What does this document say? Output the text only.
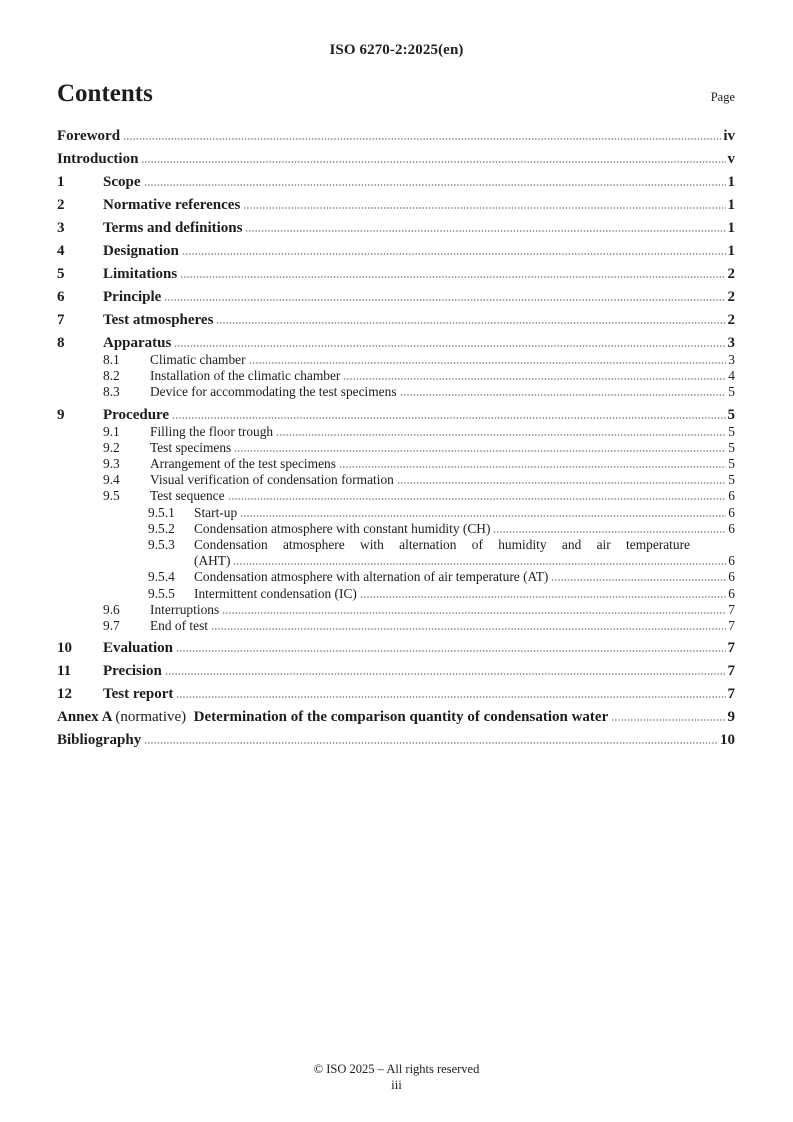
ISO 6270-2:2025(en)
Contents	Page
Foreword	iv
Introduction	v
1	Scope	1
2	Normative references	1
3	Terms and definitions	1
4	Designation	1
5	Limitations	2
6	Principle	2
7	Test atmospheres	2
8	Apparatus	3
8.1	Climatic chamber	3
8.2	Installation of the climatic chamber	4
8.3	Device for accommodating the test specimens	5
9	Procedure	5
9.1	Filling the floor trough	5
9.2	Test specimens	5
9.3	Arrangement of the test specimens	5
9.4	Visual verification of condensation formation	5
9.5	Test sequence	6
9.5.1	Start-up	6
9.5.2	Condensation atmosphere with constant humidity (CH)	6
9.5.3	Condensation atmosphere with alternation of humidity and air temperature
(AHT)	6
9.5.4	Condensation atmosphere with alternation of air temperature (AT)	6
9.5.5	Intermittent condensation (IC)	6
9.6	Interruptions	7
9.7	End of test	7
10	Evaluation	7
11	Precision	7
12	Test report	7
Annex A (normative) Determination of the comparison quantity of condensation water	9
Bibliography	10
© ISO 2025 – All rights reserved
iii
